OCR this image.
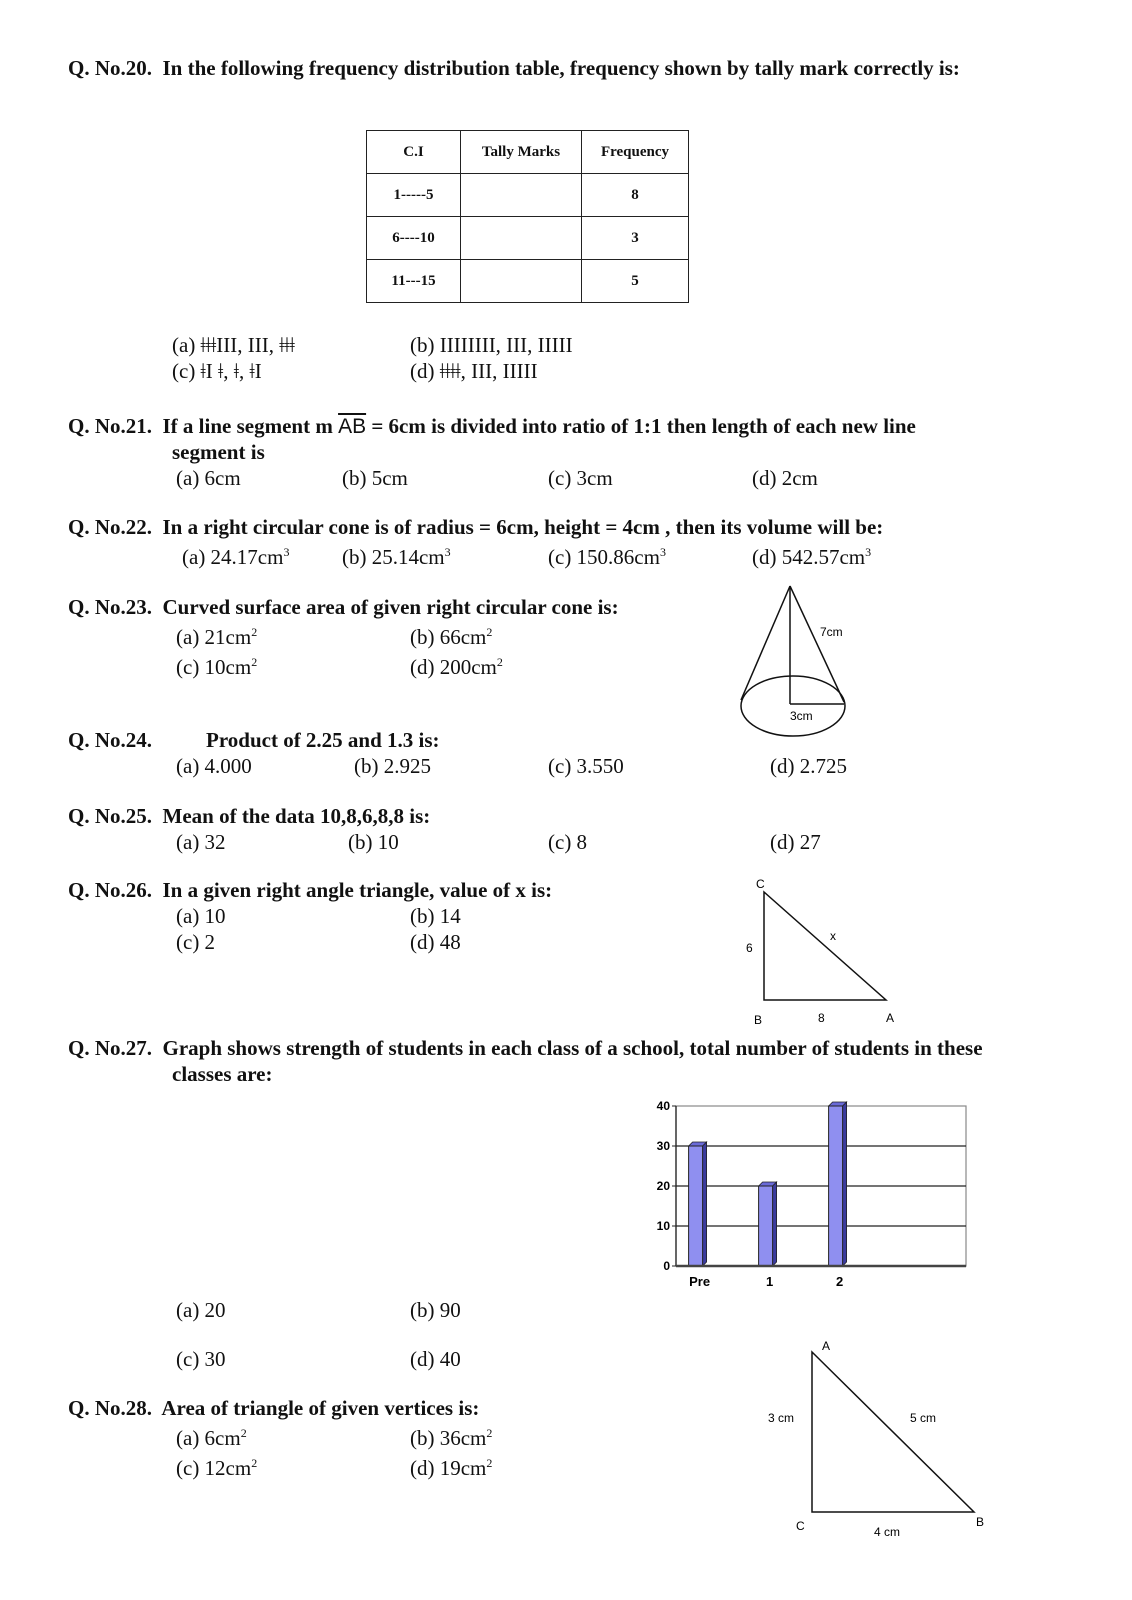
Q. No.20. In the following frequency distribution table, frequency shown by tally mark correctly is:
C.I	Tally Marks	Frequency
1-----5		8
6----10		3
11---15		5
(a) ǂǂǂIII, III, ǂǂǂ	(b) IIIIIIII, III, IIIII
(c) ǂI ǂ, ǂ, ǂI	(d) ǂǂǂǂ, III, IIIII
Q. No.21. If a line segment m $\overline{AB} = 6cm$ is divided into ratio of 1:1 then length of each new line
segment is
(a) 6cm	(b) 5cm	(c) 3cm	(d) 2cm
Q. No.22. In a right circular cone is of radius = 6cm, height = 4cm , then its volume will be:
(a) $24.17cm^3$	(b) $25.14cm^3$	(c) $150.86cm^3$	(d) $542.57cm^3$
Q. No.23. Curved surface area of given right circular cone is:
(a) $21cm^2$	(b) $66cm^2$
(c) $10cm^2$	(d) $200cm^2$
7cm
3cm
Q. No.24.	Product of 2.25 and 1.3 is:
(a) 4.000	(b) 2.925	(c) 3.550	(d) 2.725
Q. No.25. Mean of the data 10,8,6,8,8 is:
(a) 32	(b) 10	(c) 8	(d) 27
Q. No.26. In a given right angle triangle, value of x is:
(a) 10	(b) 14
(c) 2	(d) 48
C
6
x
B	8	A
Q. No.27. Graph shows strength of students in each class of a school, total number of students in these
classes are:
0
10
20
30
40
Pre	1	2
(a) 20	(b) 90
(c) 30	(d) 40
Q. No.28. Area of triangle of given vertices is:
(a) $6cm^2$	(b) $36cm^2$
(c) $12cm^2$	(d) $19cm^2$
A
3 cm	5 cm
C	4 cm
B
